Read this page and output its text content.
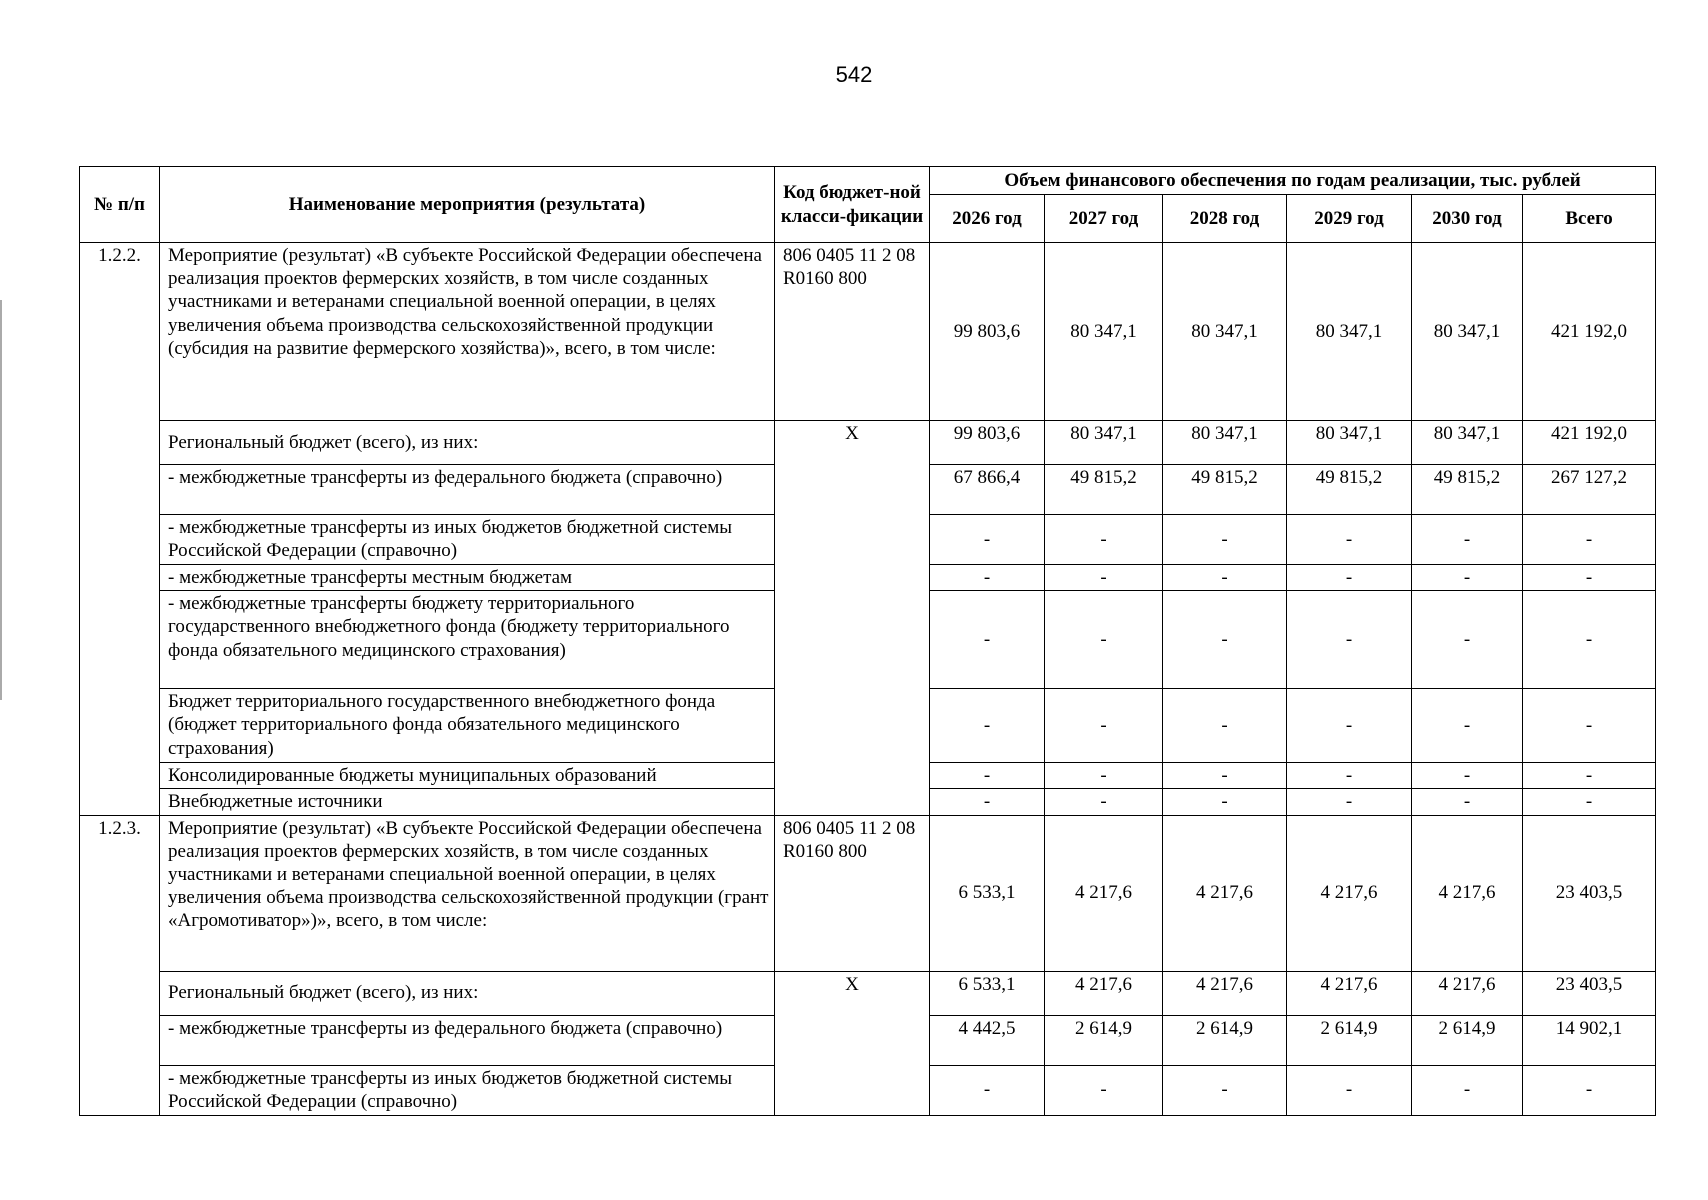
542
№ п/п	Наименование мероприятия (результата)	Код бюджет-ной класси-фикации	Объем финансового обеспечения по годам реализации, тыс. рублей					
			2026 год	2027 год	2028 год	2029 год	2030 год	Всего
1.2.2.	Мероприятие (результат) «В субъекте Российской Федерации обеспечена реализация проектов фермерских хозяйств, в том числе созданных участниками и ветеранами специальной военной операции, в целях увеличения объема производства сельскохозяйственной продукции (субсидия на развитие фермерского хозяйства)», всего, в том числе:	806 0405 11 2 08 R0160 800	99 803,6	80 347,1	80 347,1	80 347,1	80 347,1	421 192,0
	Региональный бюджет (всего), из них:	X	99 803,6	80 347,1	80 347,1	80 347,1	80 347,1	421 192,0
	- межбюджетные трансферты из федерального бюджета (справочно)		67 866,4	49 815,2	49 815,2	49 815,2	49 815,2	267 127,2
	- межбюджетные трансферты из иных бюджетов бюджетной системы Российской Федерации (справочно)		-	-	-	-	-	-
	- межбюджетные трансферты местным бюджетам		-	-	-	-	-	-
	- межбюджетные трансферты бюджету территориального государственного внебюджетного фонда (бюджету территориального фонда обязательного медицинского страхования)		-	-	-	-	-	-
	Бюджет территориального государственного внебюджетного фонда (бюджет территориального фонда обязательного медицинского страхования)		-	-	-	-	-	-
	Консолидированные бюджеты муниципальных образований		-	-	-	-	-	-
	Внебюджетные источники		-	-	-	-	-	-
1.2.3.	Мероприятие (результат) «В субъекте Российской Федерации обеспечена реализация проектов фермерских хозяйств, в том числе созданных участниками и ветеранами специальной военной операции, в целях увеличения объема производства сельскохозяйственной продукции (грант «Агромотиватор»)», всего, в том числе:	806 0405 11 2 08 R0160 800	6 533,1	4 217,6	4 217,6	4 217,6	4 217,6	23 403,5
	Региональный бюджет (всего), из них:	X	6 533,1	4 217,6	4 217,6	4 217,6	4 217,6	23 403,5
	- межбюджетные трансферты из федерального бюджета (справочно)		4 442,5	2 614,9	2 614,9	2 614,9	2 614,9	14 902,1
	- межбюджетные трансферты из иных бюджетов бюджетной системы Российской Федерации (справочно)		-	-	-	-	-	-
